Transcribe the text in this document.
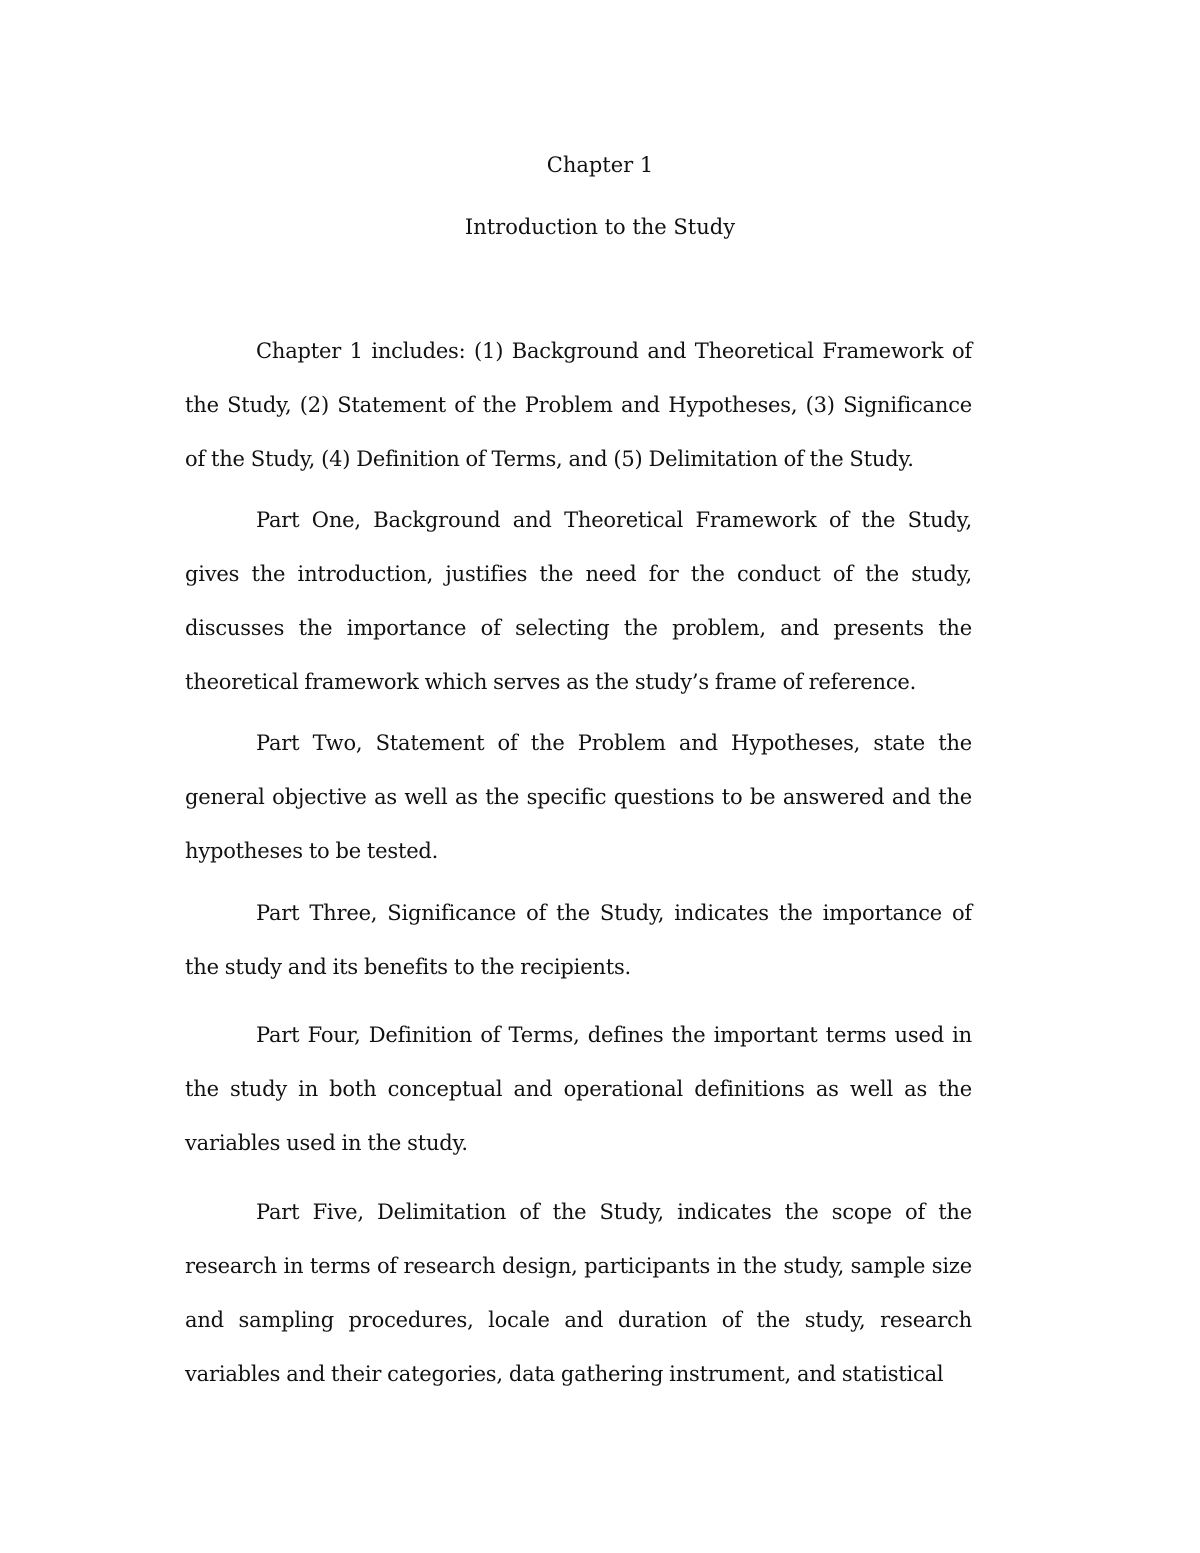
Chapter 1
Introduction to the Study

Chapter 1 includes: (1) Background and Theoretical Framework of the Study, (2) Statement of the Problem and Hypotheses, (3) Significance of the Study, (4) Definition of Terms, and (5) Delimitation of the Study.

Part One, Background and Theoretical Framework of the Study, gives the introduction, justifies the need for the conduct of the study, discusses the importance of selecting the problem, and presents the theoretical framework which serves as the study’s frame of reference.

Part Two, Statement of the Problem and Hypotheses, state the general objective as well as the specific questions to be answered and the hypotheses to be tested.

Part Three, Significance of the Study, indicates the importance of the study and its benefits to the recipients.

Part Four, Definition of Terms, defines the important terms used in the study in both conceptual and operational definitions as well as the variables used in the study.

Part Five, Delimitation of the Study, indicates the scope of the research in terms of research design, participants in the study, sample size and sampling procedures, locale and duration of the study, research variables and their categories, data gathering instrument, and statistical
